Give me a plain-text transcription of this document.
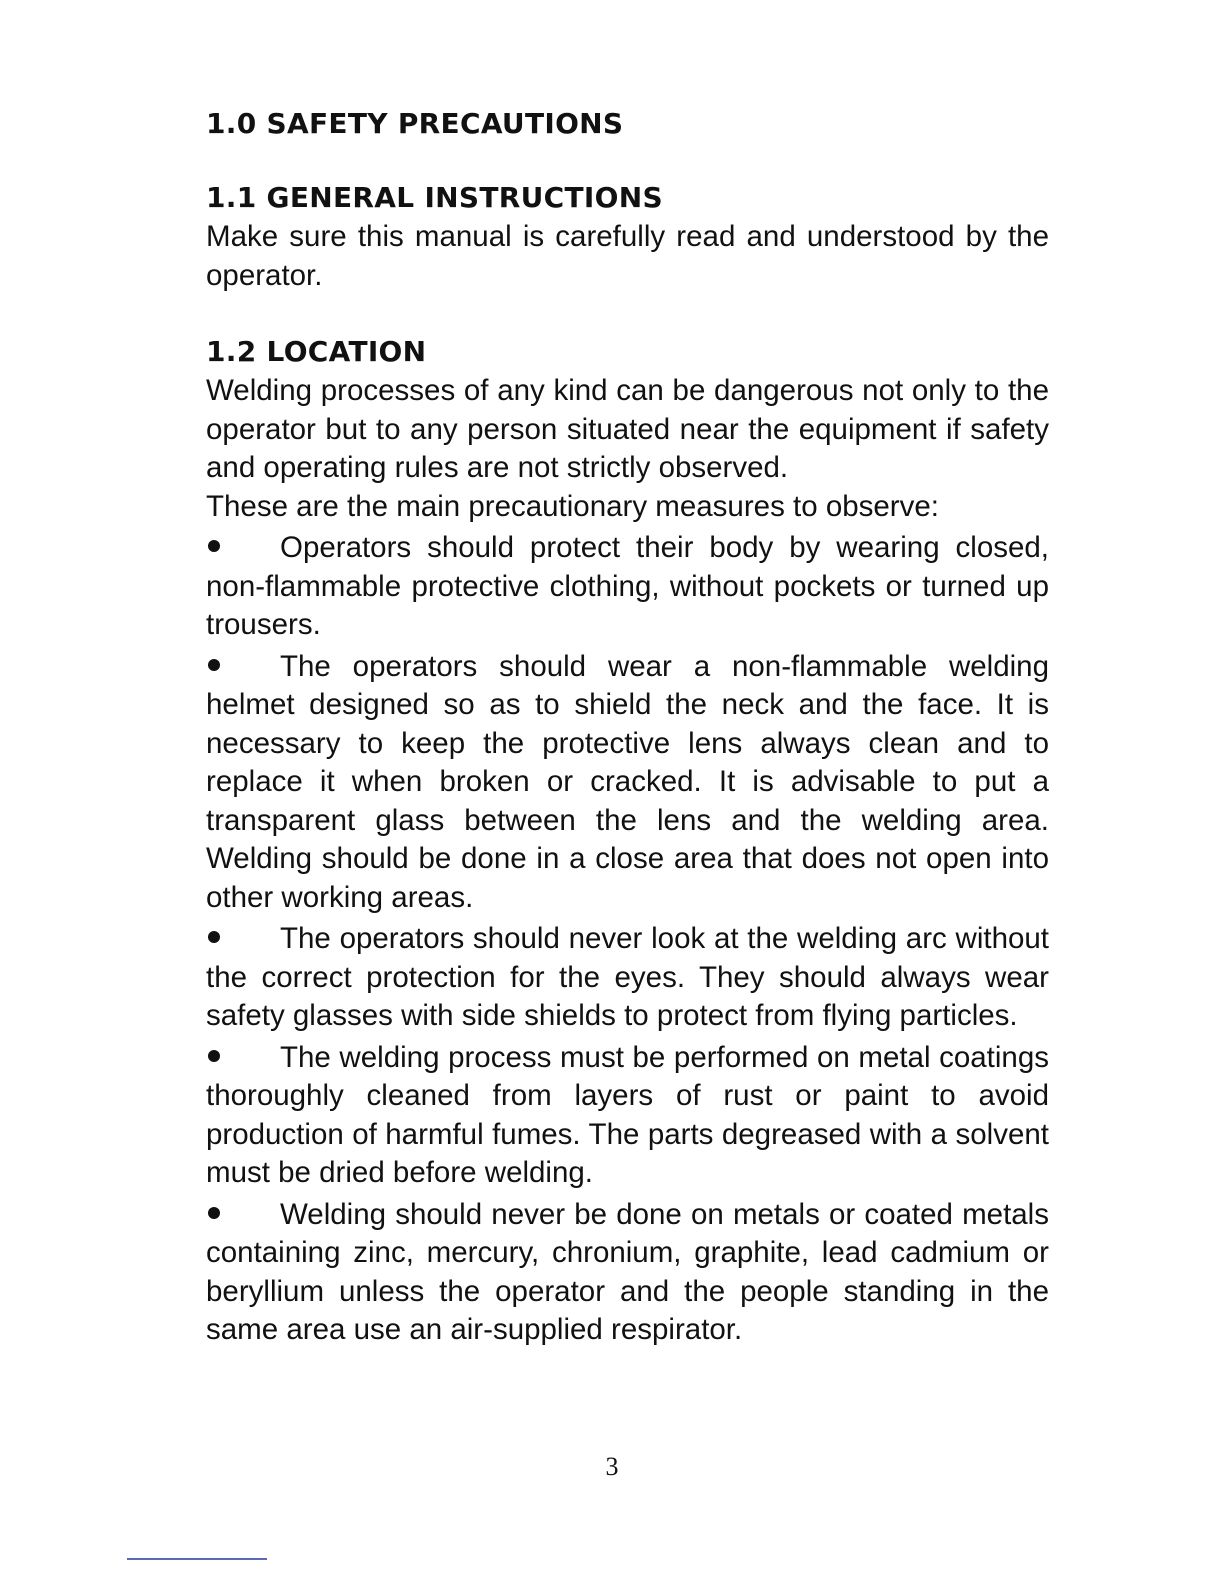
1.0 SAFETY PRECAUTIONS
1.1 GENERAL INSTRUCTIONS

Make sure this manual is carefully read and understood by the operator.

1.2 LOCATION

Welding processes of any kind can be dangerous not only to the operator but to any person situated near the equipment if safety and operating rules are not strictly observed.

These are the main precautionary measures to observe:

Operators should protect their body by wearing closed, non-flammable protective clothing, without pockets or turned up trousers.

The operators should wear a non-flammable welding helmet designed so as to shield the neck and the face. It is necessary to keep the protective lens always clean and to replace it when broken or cracked. It is advisable to put a transparent glass between the lens and the welding area. Welding should be done in a close area that does not open into other working areas.

The operators should never look at the welding arc without the correct protection for the eyes. They should always wear safety glasses with side shields to protect from flying particles.

The welding process must be performed on metal coatings thoroughly cleaned from layers of rust or paint to avoid production of harmful fumes. The parts degreased with a solvent must be dried before welding.

Welding should never be done on metals or coated metals containing zinc, mercury, chronium, graphite, lead cadmium or beryllium unless the operator and the people standing in the same area use an air-supplied respirator.

3
